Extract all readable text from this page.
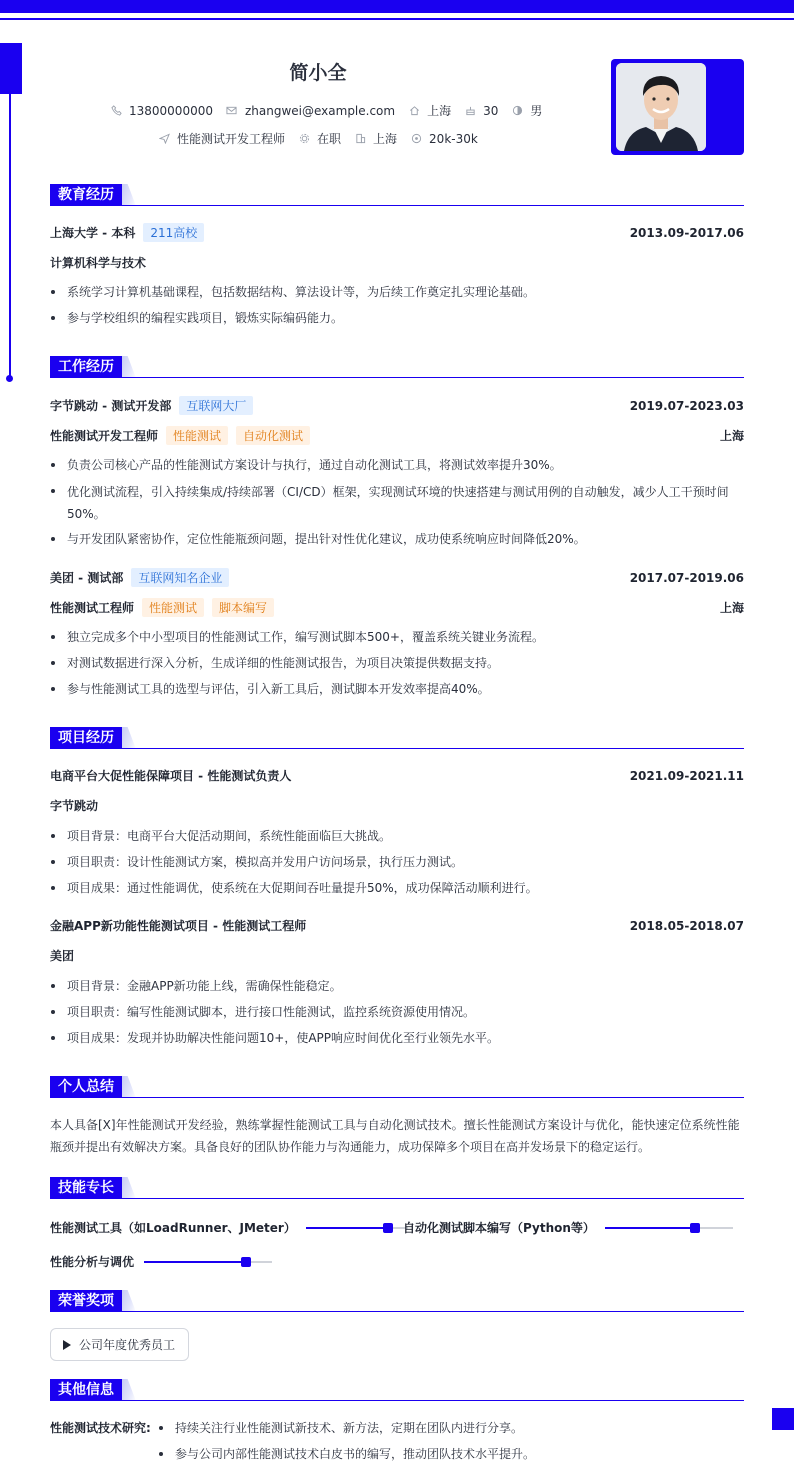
简小全
13800000000	zhangwei@example.com	上海	30	男
性能测试开发工程师	在职	上海	20k-30k
教育经历
上海大学 - 本科	211高校	2013.09-2017.06
计算机科学与技术
系统学习计算机基础课程，包括数据结构、算法设计等，为后续工作奠定扎实理论基础。
参与学校组织的编程实践项目，锻炼实际编码能力。
工作经历
字节跳动 - 测试开发部	互联网大厂	2019.07-2023.03
性能测试开发工程师	性能测试	自动化测试	上海
负责公司核心产品的性能测试方案设计与执行，通过自动化测试工具，将测试效率提升30%。
优化测试流程，引入持续集成/持续部署（CI/CD）框架，实现测试环境的快速搭建与测试用例的自动触发，减少人工干预时间50%。
与开发团队紧密协作，定位性能瓶颈问题，提出针对性优化建议，成功使系统响应时间降低20%。
美团 - 测试部	互联网知名企业	2017.07-2019.06
性能测试工程师	性能测试	脚本编写	上海
独立完成多个中小型项目的性能测试工作，编写测试脚本500+，覆盖系统关键业务流程。
对测试数据进行深入分析，生成详细的性能测试报告，为项目决策提供数据支持。
参与性能测试工具的选型与评估，引入新工具后，测试脚本开发效率提高40%。
项目经历
电商平台大促性能保障项目 - 性能测试负责人	2021.09-2021.11
字节跳动
项目背景：电商平台大促活动期间，系统性能面临巨大挑战。
项目职责：设计性能测试方案，模拟高并发用户访问场景，执行压力测试。
项目成果：通过性能调优，使系统在大促期间吞吐量提升50%，成功保障活动顺利进行。
金融APP新功能性能测试项目 - 性能测试工程师	2018.05-2018.07
美团
项目背景：金融APP新功能上线，需确保性能稳定。
项目职责：编写性能测试脚本，进行接口性能测试，监控系统资源使用情况。
项目成果：发现并协助解决性能问题10+，使APP响应时间优化至行业领先水平。
个人总结
本人具备[X]年性能测试开发经验，熟练掌握性能测试工具与自动化测试技术。擅长性能测试方案设计与优化，能快速定位系统性能瓶颈并提出有效解决方案。具备良好的团队协作能力与沟通能力，成功保障多个项目在高并发场景下的稳定运行。
技能专长
性能测试工具（如LoadRunner、JMeter）	自动化测试脚本编写（Python等）
性能分析与调优
荣誉奖项
公司年度优秀员工
其他信息
性能测试技术研究:	持续关注行业性能测试新技术、新方法，定期在团队内进行分享。
参与公司内部性能测试技术白皮书的编写，推动团队技术水平提升。
